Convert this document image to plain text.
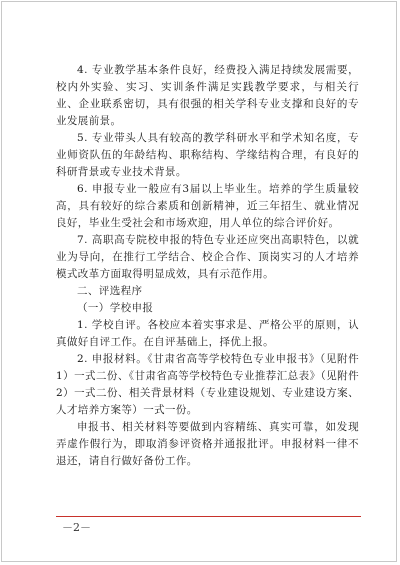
4. 专业教学基本条件良好，经费投入满足持续发展需要，校内外实验、实习、实训条件满足实践教学要求，与相关行业、企业联系密切，具有很强的相关学科专业支撑和良好的专业发展前景。

5. 专业带头人具有较高的教学科研水平和学术知名度，专业师资队伍的年龄结构、职称结构、学缘结构合理，有良好的科研背景或专业技术背景。

6. 申报专业一般应有3届以上毕业生。培养的学生质量较高，具有较好的综合素质和创新精神，近三年招生、就业情况良好，毕业生受社会和市场欢迎，用人单位的综合评价好。

7. 高职高专院校申报的特色专业还应突出高职特色，以就业为导向，在推行工学结合、校企合作、顶岗实习的人才培养模式改革方面取得明显成效，具有示范作用。

二、评选程序

（一）学校申报

1. 学校自评。各校应本着实事求是、严格公平的原则，认真做好自评工作。在自评基础上，择优上报。

2. 申报材料。《甘肃省高等学校特色专业申报书》（见附件1）一式二份、《甘肃省高等学校特色专业推荐汇总表》（见附件2）一式二份、相关背景材料（专业建设规划、专业建设方案、人才培养方案等）一式一份。

申报书、相关材料等要做到内容精练、真实可靠，如发现弄虚作假行为，即取消参评资格并通报批评。申报材料一律不退还，请自行做好备份工作。

－2－
